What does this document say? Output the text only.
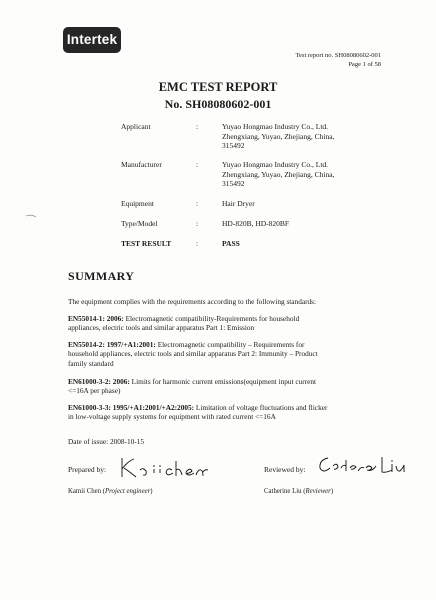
Intertek
Test report no. SH08080602-001
Page 1 of 58
EMC TEST REPORT
No. SH08080602-001
Applicant	:	Yuyao Hongmao Industry Co., Ltd.
Zhengxiang, Yuyao, Zhejiang, China,
315492
Manufacturer	:	Yuyao Hongmao Industry Co., Ltd.
Zhengxiang, Yuyao, Zhejiang, China,
315492
Equipment	:	Hair Dryer
Type/Model	:	HD-820B, HD-820BF
TEST RESULT	:	PASS
SUMMARY
The equipment complies with the requirements according to the following standards:
EN55014-1: 2006: Electromagnetic compatibility-Requirements for household
appliances, electric tools and similar apparatus Part 1: Emission
EN55014-2: 1997/+A1:2001: Electromagnetic compatibility – Requirements for
household appliances, electric tools and similar apparatus Part 2: Immunity – Product
family standard
EN61000-3-2: 2006: Limits for harmonic current emissions(equipment input current
<=16A per phase)
EN61000-3-3: 1995/+A1:2001/+A2:2005: Limitation of voltage fluctuations and flicker
in low-voltage supply systems for equipment with rated current <=16A
Date of issue: 2008-10-15
Prepared by:	Reviewed by:
Kamii Chen (Project engineer)	Catherine Liu (Reviewer)
